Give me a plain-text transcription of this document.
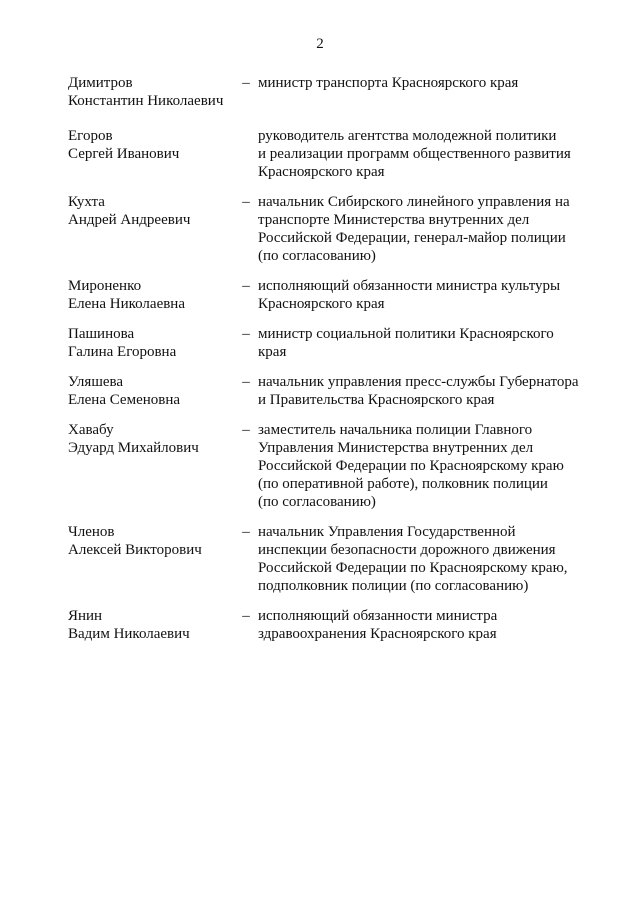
2
Димитров
Константин Николаевич
– министр транспорта Красноярского края
Егоров
Сергей Иванович
руководитель агентства молодежной политики
и реализации программ общественного развития
Красноярского края
Кухта
Андрей Андреевич
– начальник Сибирского линейного управления на
транспорте Министерства внутренних дел
Российской Федерации, генерал-майор полиции
(по согласованию)
Мироненко
Елена Николаевна
– исполняющий обязанности министра культуры
Красноярского края
Пашинова
Галина Егоровна
– министр социальной политики Красноярского
края
Уляшева
Елена Семеновна
– начальник управления пресс-службы Губернатора
и Правительства Красноярского края
Хавабу
Эдуард Михайлович
– заместитель начальника полиции Главного
Управления Министерства внутренних дел
Российской Федерации по Красноярскому краю
(по оперативной работе), полковник полиции
(по согласованию)
Членов
Алексей Викторович
– начальник Управления Государственной
инспекции безопасности дорожного движения
Российской Федерации по Красноярскому краю,
подполковник полиции (по согласованию)
Янин
Вадим Николаевич
– исполняющий обязанности министра
здравоохранения Красноярского края
